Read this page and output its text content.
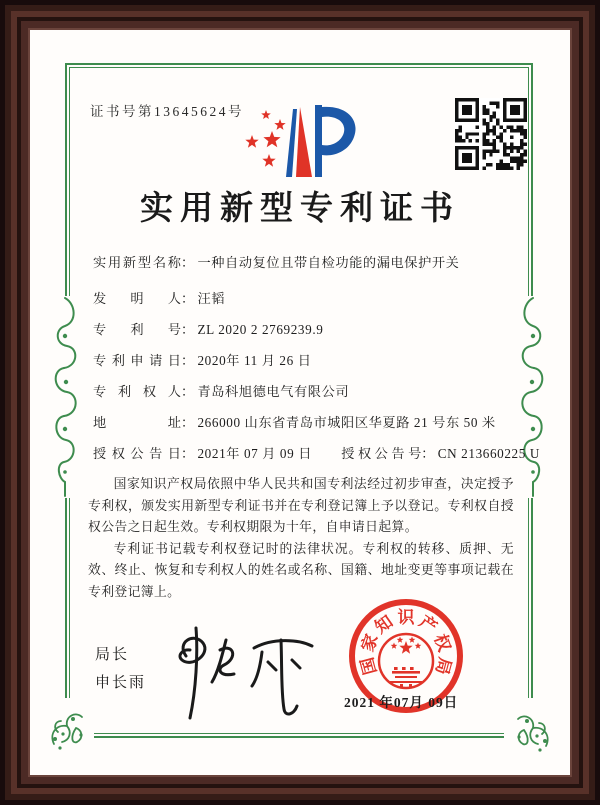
证书号第13645624号
实用新型专利证书
实用新型名称： 一种自动复位且带自检功能的漏电保护开关
发明人： 汪韬
专利号： ZL 2020 2 2769239.9
专利申请日： 2020年 11 月 26 日
专利权人： 青岛科旭德电气有限公司
地址： 266000 山东省青岛市城阳区华夏路 21 号东 50 米
授权公告日： 2021年 07 月 09 日 授权公告号： CN 213660225 U

国家知识产权局依照中华人民共和国专利法经过初步审查，决定授予专利权，颁发实用新型专利证书并在专利登记簿上予以登记。专利权自授权公告之日起生效。专利权期限为十年，自申请日起算。

专利证书记载专利权登记时的法律状况。专利权的转移、质押、无效、终止、恢复和专利权人的姓名或名称、国籍、地址变更等事项记载在专利登记簿上。

局长
申长雨
国
家
知 识 产
权
局
2021 年07月 09日
